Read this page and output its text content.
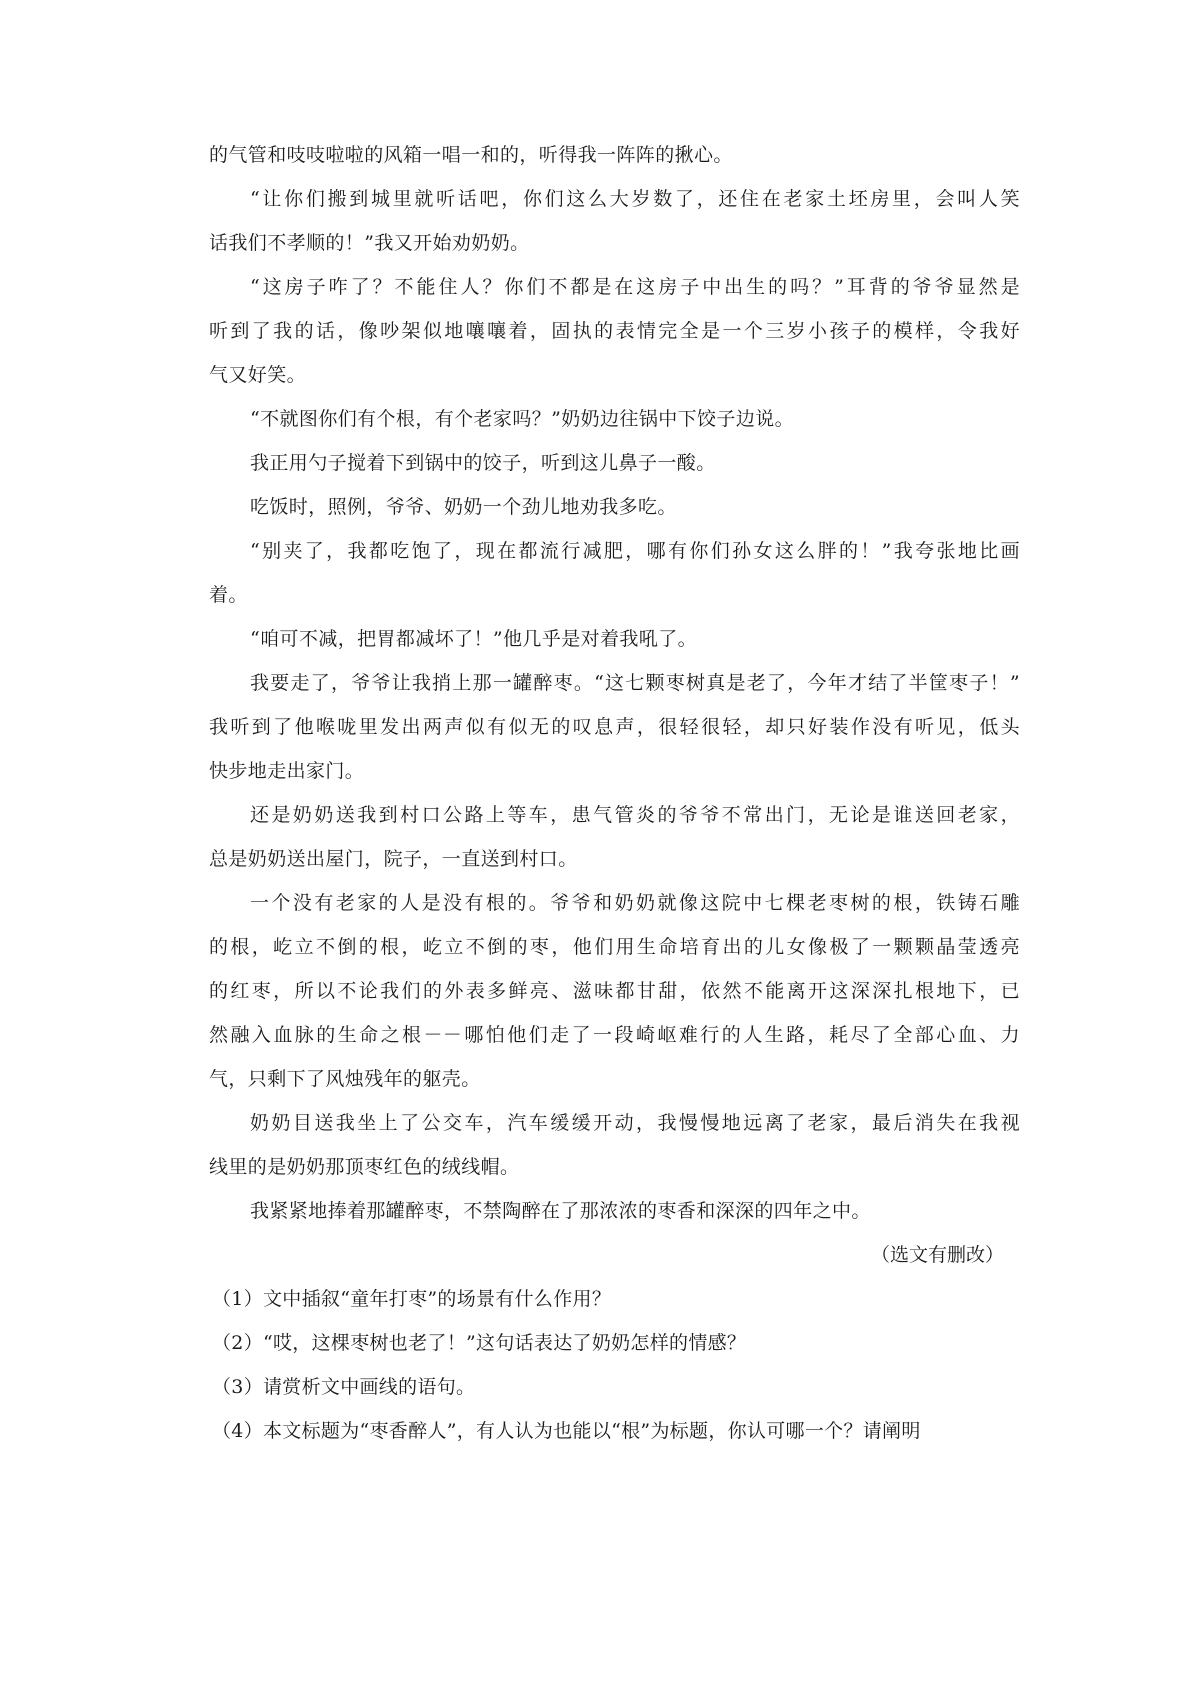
的气管和吱吱啦啦的风箱一唱一和的，听得我一阵阵的揪心。

“让你们搬到城里就听话吧，你们这么大岁数了，还住在老家土坯房里，会叫人笑

话我们不孝顺的！”我又开始劝奶奶。

“这房子咋了？不能住人？你们不都是在这房子中出生的吗？”耳背的爷爷显然是

听到了我的话，像吵架似地嚷嚷着，固执的表情完全是一个三岁小孩子的模样，令我好

气又好笑。

“不就图你们有个根，有个老家吗？”奶奶边往锅中下饺子边说。

我正用勺子搅着下到锅中的饺子，听到这儿鼻子一酸。

吃饭时，照例，爷爷、奶奶一个劲儿地劝我多吃。

“别夹了，我都吃饱了，现在都流行减肥，哪有你们孙女这么胖的！”我夸张地比画

着。

“咱可不减，把胃都减坏了！”他几乎是对着我吼了。

我要走了，爷爷让我捎上那一罐醉枣。“这七颗枣树真是老了，今年才结了半筐枣子！”

我听到了他喉咙里发出两声似有似无的叹息声，很轻很轻，却只好装作没有听见，低头

快步地走出家门。

还是奶奶送我到村口公路上等车，患气管炎的爷爷不常出门，无论是谁送回老家，

总是奶奶送出屋门，院子，一直送到村口。

一个没有老家的人是没有根的。爷爷和奶奶就像这院中七棵老枣树的根，铁铸石雕

的根，屹立不倒的根，屹立不倒的枣，他们用生命培育出的儿女像极了一颗颗晶莹透亮

的红枣，所以不论我们的外表多鲜亮、滋味都甘甜，依然不能离开这深深扎根地下，已

然融入血脉的生命之根－－哪怕他们走了一段崎岖难行的人生路，耗尽了全部心血、力

气，只剩下了风烛残年的躯壳。

奶奶目送我坐上了公交车，汽车缓缓开动，我慢慢地远离了老家，最后消失在我视

线里的是奶奶那顶枣红色的绒线帽。

我紧紧地捧着那罐醉枣，不禁陶醉在了那浓浓的枣香和深深的四年之中。

（选文有删改）

（1）文中插叙“童年打枣”的场景有什么作用？

（2）“哎，这棵枣树也老了！”这句话表达了奶奶怎样的情感？

（3）请赏析文中画线的语句。

（4）本文标题为“枣香醉人”，有人认为也能以“根”为标题，你认可哪一个？请阐明
